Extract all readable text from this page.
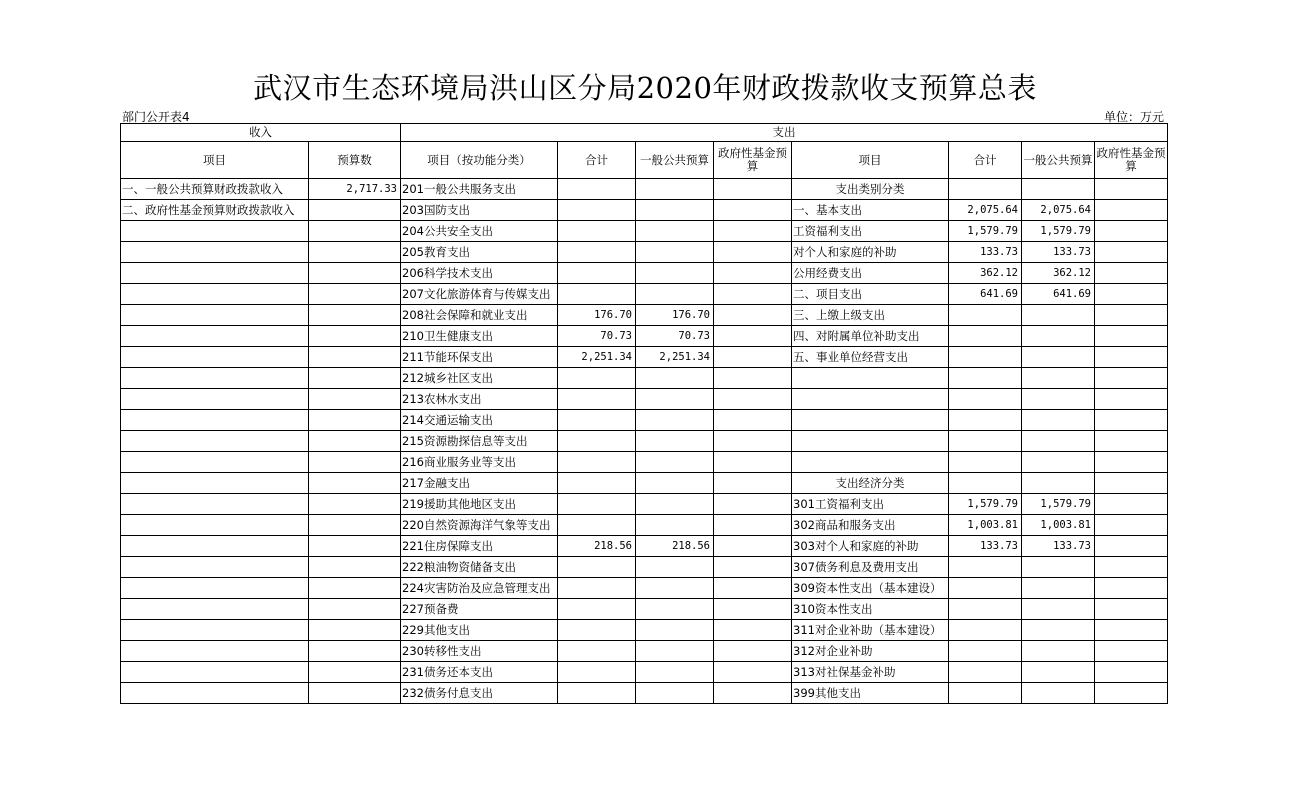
武汉市生态环境局洪山区分局2020年财政拨款收支预算总表
部门公开表4	单位：万元
收入		支出							
项目	预算数	项目（按功能分类）	合计	一般公共预算	政府性基金预算	项目	合计	一般公共预算	政府性基金预算
一、一般公共预算财政拨款收入	2,717.33	201一般公共服务支出				支出类别分类			
二、政府性基金预算财政拨款收入		203国防支出				一、基本支出	2,075.64	2,075.64	
		204公共安全支出				工资福利支出	1,579.79	1,579.79	
		205教育支出				对个人和家庭的补助	133.73	133.73	
		206科学技术支出				公用经费支出	362.12	362.12	
		207文化旅游体育与传媒支出				二、项目支出	641.69	641.69	
		208社会保障和就业支出	176.70	176.70		三、上缴上级支出			
		210卫生健康支出	70.73	70.73		四、对附属单位补助支出			
		211节能环保支出	2,251.34	2,251.34		五、事业单位经营支出			
		212城乡社区支出							
		213农林水支出							
		214交通运输支出							
		215资源勘探信息等支出							
		216商业服务业等支出							
		217金融支出				支出经济分类			
		219援助其他地区支出				301工资福利支出	1,579.79	1,579.79	
		220自然资源海洋气象等支出				302商品和服务支出	1,003.81	1,003.81	
		221住房保障支出	218.56	218.56		303对个人和家庭的补助	133.73	133.73	
		222粮油物资储备支出				307债务利息及费用支出			
		224灾害防治及应急管理支出				309资本性支出（基本建设）			
		227预备费				310资本性支出			
		229其他支出				311对企业补助（基本建设）			
		230转移性支出				312对企业补助			
		231债务还本支出				313对社保基金补助			
		232债务付息支出				399其他支出			
